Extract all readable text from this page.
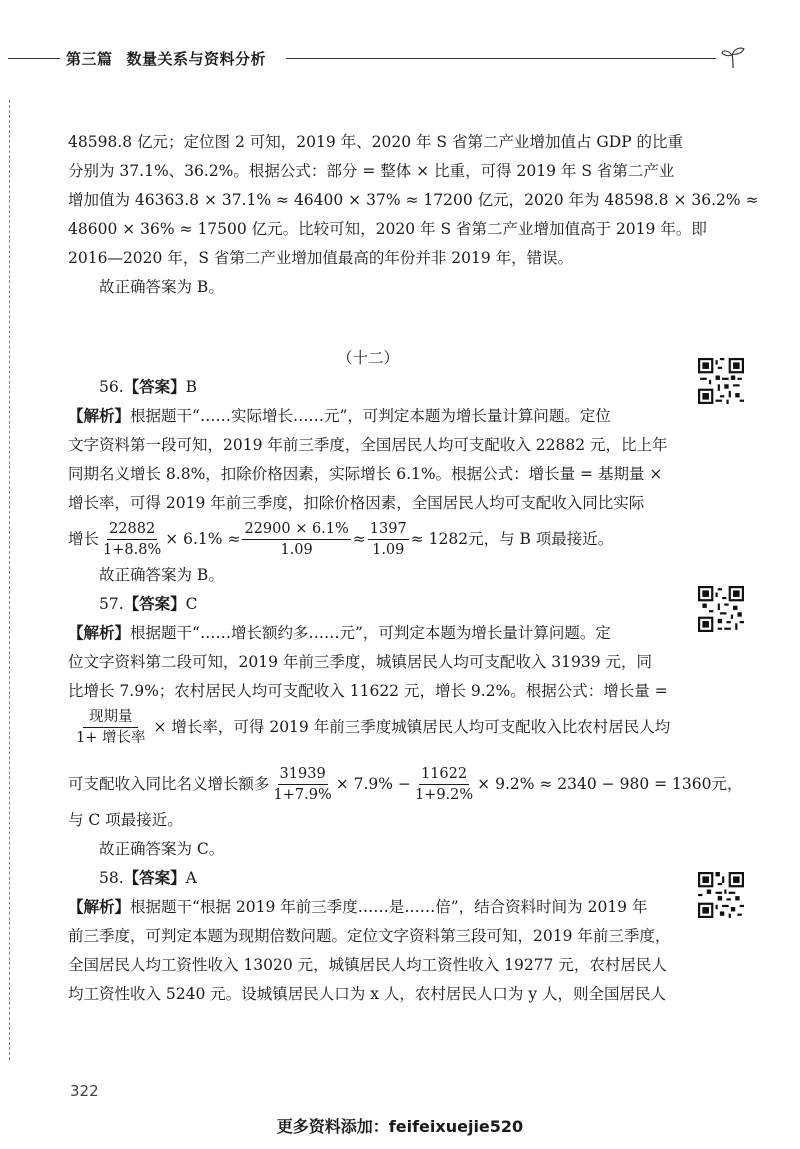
第三篇 数量关系与资料分析
48598.8 亿元；定位图 2 可知，2019 年、2020 年 S 省第二产业增加值占 GDP 的比重
分别为 37.1%、36.2%。根据公式：部分 = 整体 × 比重，可得 2019 年 S 省第二产业
增加值为 46363.8 × 37.1% ≈ 46400 × 37% ≈ 17200 亿元，2020 年为 48598.8 × 36.2% ≈
48600 × 36% ≈ 17500 亿元。比较可知，2020 年 S 省第二产业增加值高于 2019 年。即
2016—2020 年，S 省第二产业增加值最高的年份并非 2019 年，错误。

故正确答案为 B。

（十二）

56.【答案】B

【解析】根据题干“……实际增长……元”，可判定本题为增长量计算问题。定位
文字资料第一段可知，2019 年前三季度，全国居民人均可支配收入 22882 元，比上年
同期名义增长 8.8%，扣除价格因素，实际增长 6.1%。根据公式：增长量 = 基期量 ×
增长率，可得 2019 年前三季度，扣除价格因素，全国居民人均可支配收入同比实际
增长 $\frac{22882}{1+8.8\%} \times 6.1\% \approx \frac{22900 \times 6.1\%}{1.09} \approx \frac{1397}{1.09} \approx 1282$元，与 B 项最接近。

故正确答案为 B。

57.【答案】C

【解析】根据题干“……增长额约多……元”，可判定本题为增长量计算问题。定
位文字资料第二段可知，2019 年前三季度，城镇居民人均可支配收入 31939 元，同
比增长 7.9%；农村居民人均可支配收入 11622 元，增长 9.2%。根据公式：增长量 =
$\frac{\text{现期量}}{\text{1+ 增长率}}$ × 增长率，可得 2019 年前三季度城镇居民人均可支配收入比农村居民人均
可支配收入同比名义增长额多 $\frac{31939}{1+7.9\%} \times 7.9\% - \frac{11622}{1+9.2\%} \times 9.2\% \approx 2340 - 980 = 1360$元，
与 C 项最接近。

故正确答案为 C。

58.【答案】A

【解析】根据题干“根据 2019 年前三季度……是……倍”，结合资料时间为 2019 年
前三季度，可判定本题为现期倍数问题。定位文字资料第三段可知，2019 年前三季度，
全国居民人均工资性收入 13020 元，城镇居民人均工资性收入 19277 元，农村居民人
均工资性收入 5240 元。设城镇居民人口为 x 人，农村居民人口为 y 人，则全国居民人
322
更多资料添加：feifeixuejie520
